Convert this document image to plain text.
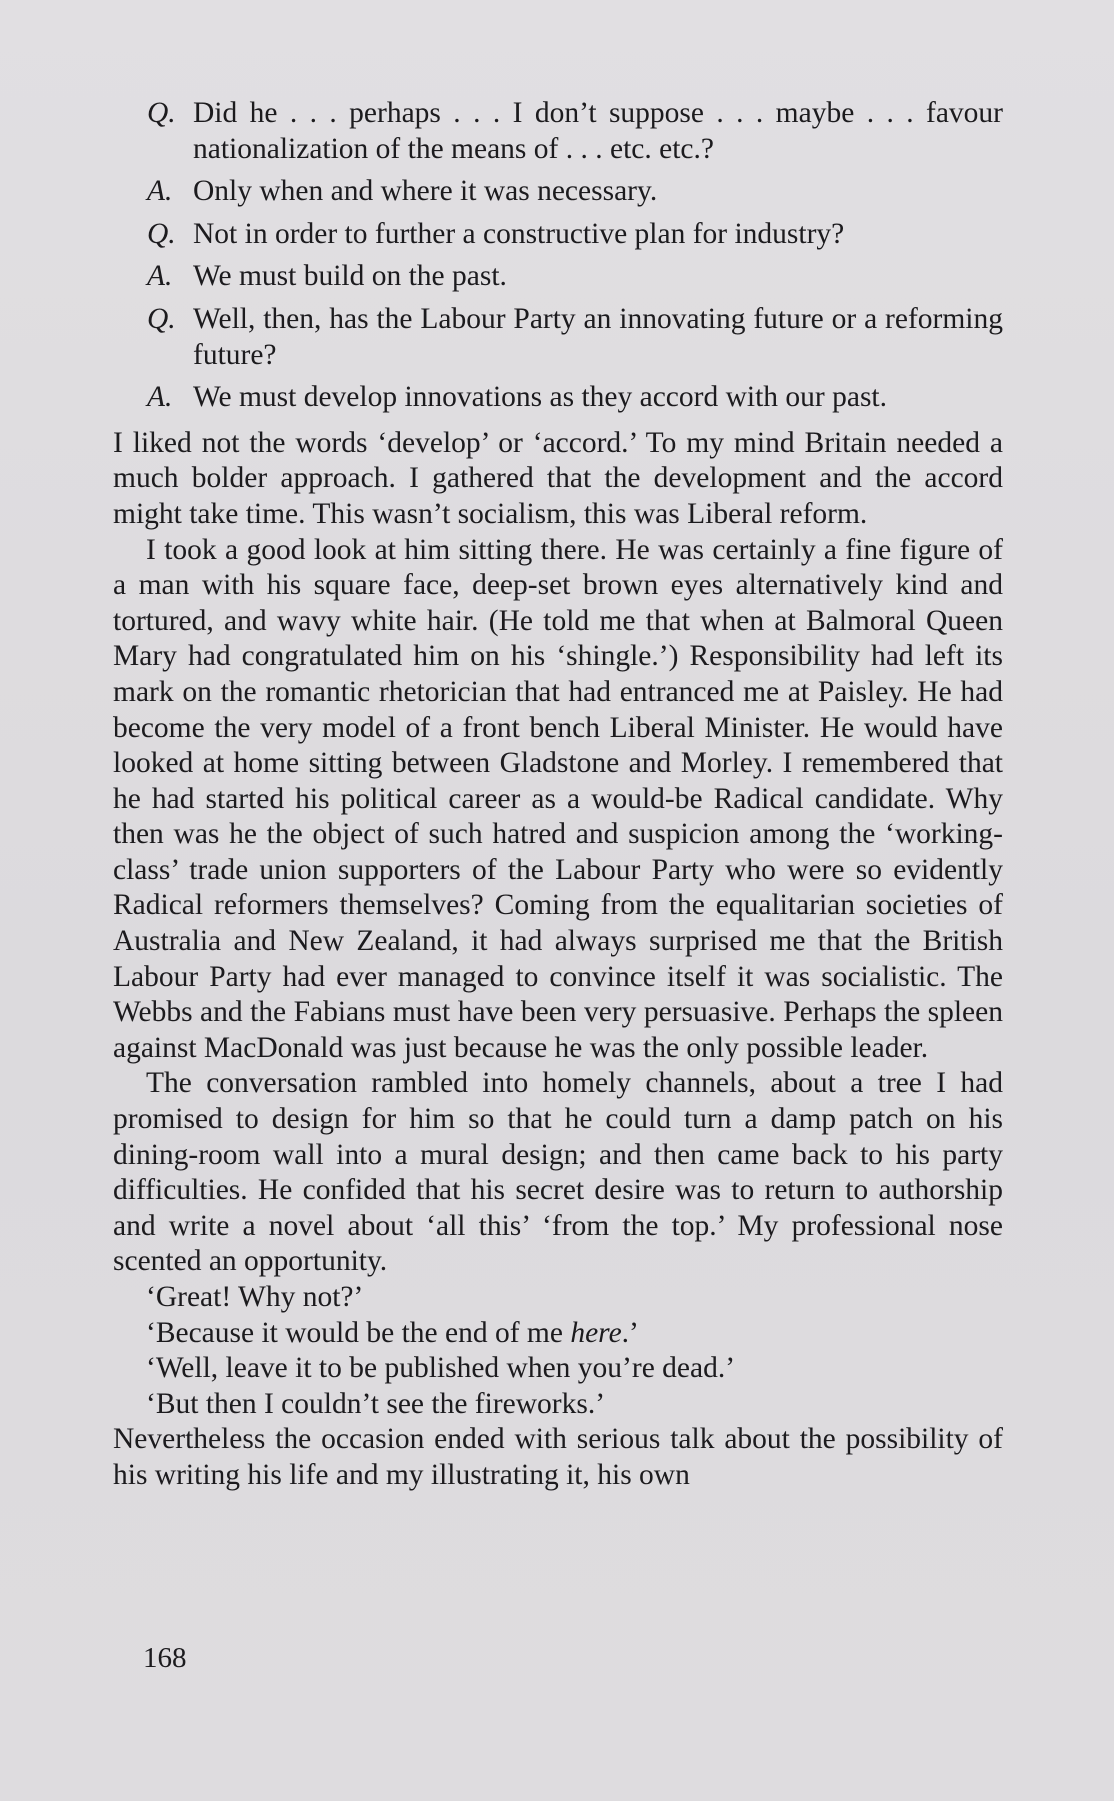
Q. Did he . . . perhaps . . . I don’t suppose . . . maybe . . . favour nationalization of the means of . . . etc. etc.?
A. Only when and where it was necessary.
Q. Not in order to further a constructive plan for industry?
A. We must build on the past.
Q. Well, then, has the Labour Party an innovating future or a reforming future?
A. We must develop innovations as they accord with our past.

I liked not the words ‘develop’ or ‘accord.’ To my mind Britain needed a much bolder approach. I gathered that the development and the accord might take time. This wasn’t socialism, this was Liberal reform.

I took a good look at him sitting there. He was certainly a fine figure of a man with his square face, deep-set brown eyes alternatively kind and tortured, and wavy white hair. (He told me that when at Balmoral Queen Mary had congratulated him on his ‘shingle.’) Responsibility had left its mark on the romantic rhetorician that had entranced me at Paisley. He had become the very model of a front bench Liberal Minister. He would have looked at home sitting between Gladstone and Morley. I remembered that he had started his political career as a would-be Radical candidate. Why then was he the object of such hatred and suspicion among the ‘working-class’ trade union supporters of the Labour Party who were so evidently Radical reformers themselves? Coming from the equalitarian societies of Australia and New Zealand, it had always surprised me that the British Labour Party had ever managed to convince itself it was socialistic. The Webbs and the Fabians must have been very persuasive. Perhaps the spleen against MacDonald was just because he was the only possible leader.

The conversation rambled into homely channels, about a tree I had promised to design for him so that he could turn a damp patch on his dining-room wall into a mural design; and then came back to his party difficulties. He confided that his secret desire was to return to authorship and write a novel about ‘all this’ ‘from the top.’ My professional nose scented an opportunity.

‘Great! Why not?’

‘Because it would be the end of me here.’

‘Well, leave it to be published when you’re dead.’

‘But then I couldn’t see the fireworks.’

Nevertheless the occasion ended with serious talk about the possibility of his writing his life and my illustrating it, his own

168
